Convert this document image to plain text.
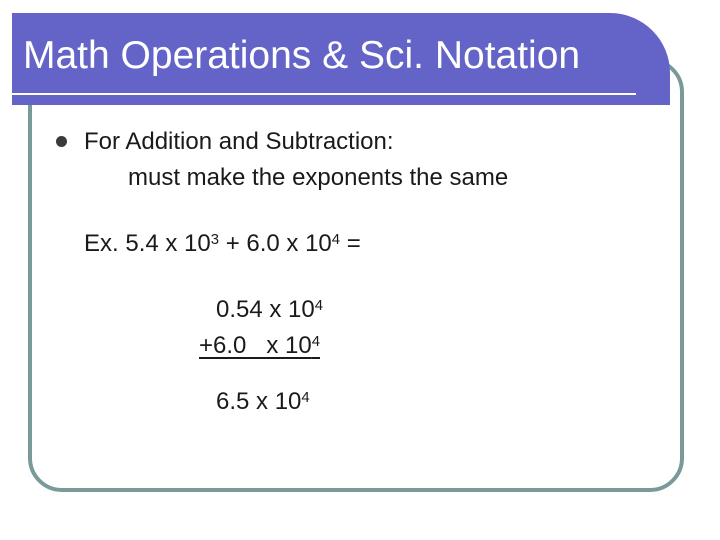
Math Operations & Sci. Notation

For Addition and Subtraction:

must make the exponents the same

Ex. 5.4 x $10^3 + 6.0$ x $10^4$ =

0.54 x $10^4$

+6.0   x $10^4$

6.5 x $10^4$
